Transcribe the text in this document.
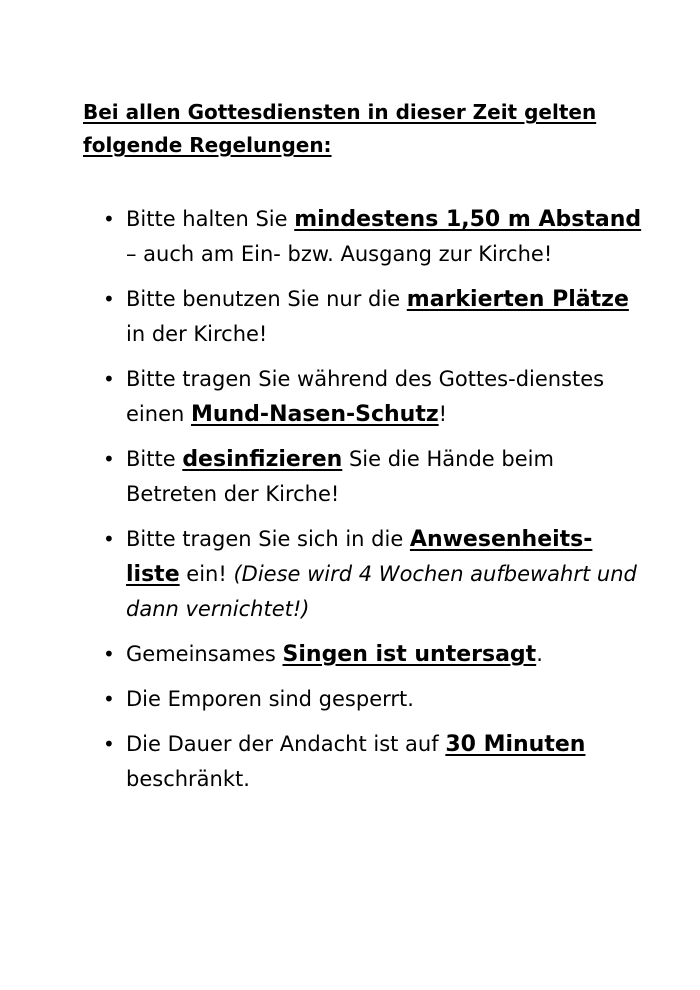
Bei allen Gottesdiensten in dieser Zeit gelten folgende Regelungen:

• Bitte halten Sie mindestens 1,50 m Abstand – auch am Ein- bzw. Ausgang zur Kirche!
• Bitte benutzen Sie nur die markierten Plätze in der Kirche!
• Bitte tragen Sie während des Gottes-dienstes einen Mund-Nasen-Schutz!
• Bitte desinfizieren Sie die Hände beim Betreten der Kirche!
• Bitte tragen Sie sich in die Anwesenheits-liste ein! (Diese wird 4 Wochen aufbewahrt und dann vernichtet!)
• Gemeinsames Singen ist untersagt.
• Die Emporen sind gesperrt.
• Die Dauer der Andacht ist auf 30 Minuten beschränkt.
